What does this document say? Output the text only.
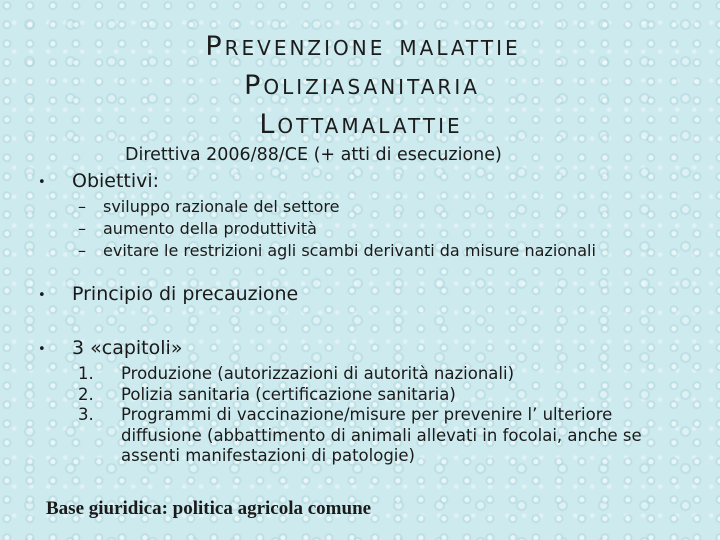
PREVENZIONE MALATTIE
POLIZIASANITARIA
LOTTAMALATTIE
Direttiva 2006/88/CE (+ atti di esecuzione)
• Obiettivi:
– sviluppo razionale del settore
– aumento della produttività
– evitare le restrizioni agli scambi derivanti da misure nazionali
• Principio di precauzione
• 3 «capitoli»
1. Produzione (autorizzazioni di autorità nazionali)
2. Polizia sanitaria (certificazione sanitaria)
3. Programmi di vaccinazione/misure per prevenire l’ ulteriore diffusione (abbattimento di animali allevati in focolai, anche se assenti manifestazioni di patologie)
Base giuridica: politica agricola comune
